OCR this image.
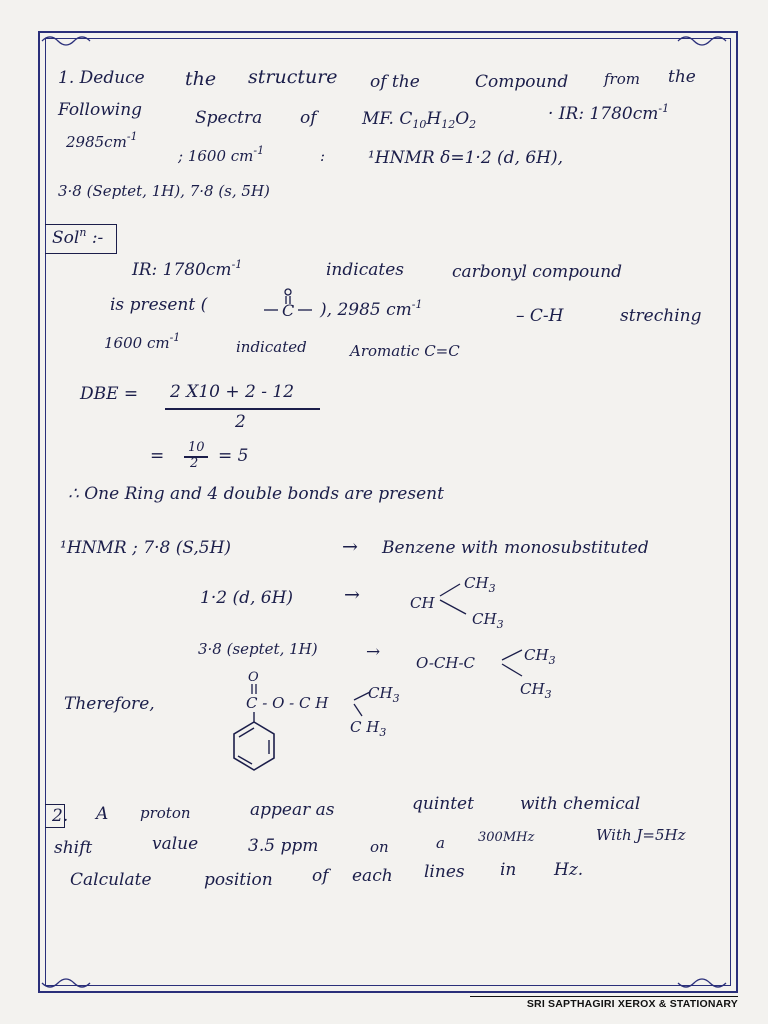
1. Deduce the structure of the	Compound from the
Following	Spectra of	MF. $C_{10}H_{12}O_2$
· IR: $1780cm^{-1}$
$2985cm^{-1}$
; 1600 $cm^{-1}$	:	¹HNMR δ=1·2 (d, 6H),
3·8 (Septet, 1H), 7·8 (s, 5H)
Sol$^n$ :-
IR: $1780cm^{-1}$	indicates	carbonyl compound
is present (	C ), 2985 $cm^{-1}$
– C-H	streching
1600 $cm^{-1}$
indicated	Aromatic C=C
DBE = 2 X10 + 2 - 12
2
= 10
2 = 5
∴ One Ring and 4 double bonds are present
¹HNMR ; 7·8 (S,5H)	→ Benzene with monosubstituted
1·2 (d, 6H)	→	CH
$CH_3$
$CH_3$
3·8 (septet, 1H)	→
O-CH-C	$CH_3$
$CH_3$
Therefore,
O
C - O - C H
$CH_3$
C $H_3$
2. A proton	appear as	quintet	with chemical
shift	value	3.5 ppm	on	a	300MHz	With J=5Hz
Calculate	position of each lines in Hz.
SRI SAPTHAGIRI XEROX & STATIONARY
